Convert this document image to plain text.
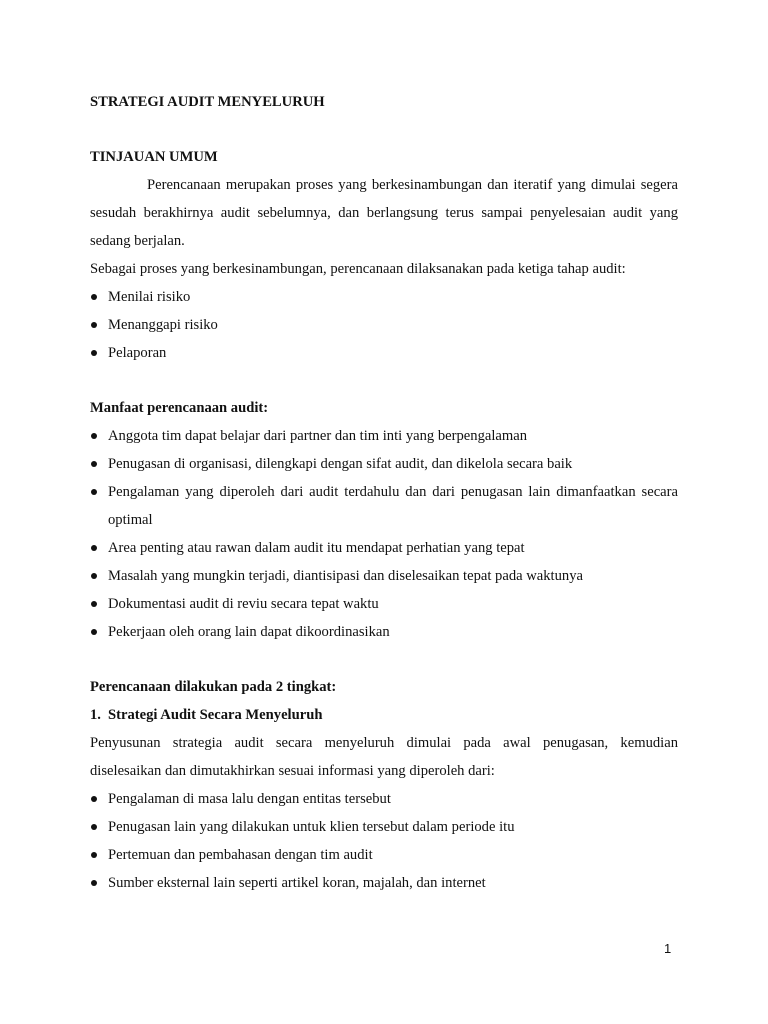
STRATEGI AUDIT MENYELURUH
TINJAUAN UMUM
Perencanaan merupakan proses yang berkesinambungan dan iteratif yang dimulai segera
sesudah berakhirnya audit sebelumnya, dan berlangsung terus sampai penyelesaian audit yang
sedang berjalan.
Sebagai proses yang berkesinambungan, perencanaan dilaksanakan pada ketiga tahap audit:
Menilai risiko
Menanggapi risiko
Pelaporan
Manfaat perencanaan audit:
Anggota tim dapat belajar dari partner dan tim inti yang berpengalaman
Penugasan di organisasi, dilengkapi dengan sifat audit, dan dikelola secara baik
Pengalaman yang diperoleh dari audit terdahulu dan dari penugasan lain dimanfaatkan secara optimal
Area penting atau rawan dalam audit itu mendapat perhatian yang tepat
Masalah yang mungkin terjadi, diantisipasi dan diselesaikan tepat pada waktunya
Dokumentasi audit di reviu secara tepat waktu
Pekerjaan oleh orang lain dapat dikoordinasikan
Perencanaan dilakukan pada 2 tingkat:
1. Strategi Audit Secara Menyeluruh
Penyusunan strategia audit secara menyeluruh dimulai pada awal penugasan, kemudian
diselesaikan dan dimutakhirkan sesuai informasi yang diperoleh dari:
Pengalaman di masa lalu dengan entitas tersebut
Penugasan lain yang dilakukan untuk klien tersebut dalam periode itu
Pertemuan dan pembahasan dengan tim audit
Sumber eksternal lain seperti artikel koran, majalah, dan internet
1
